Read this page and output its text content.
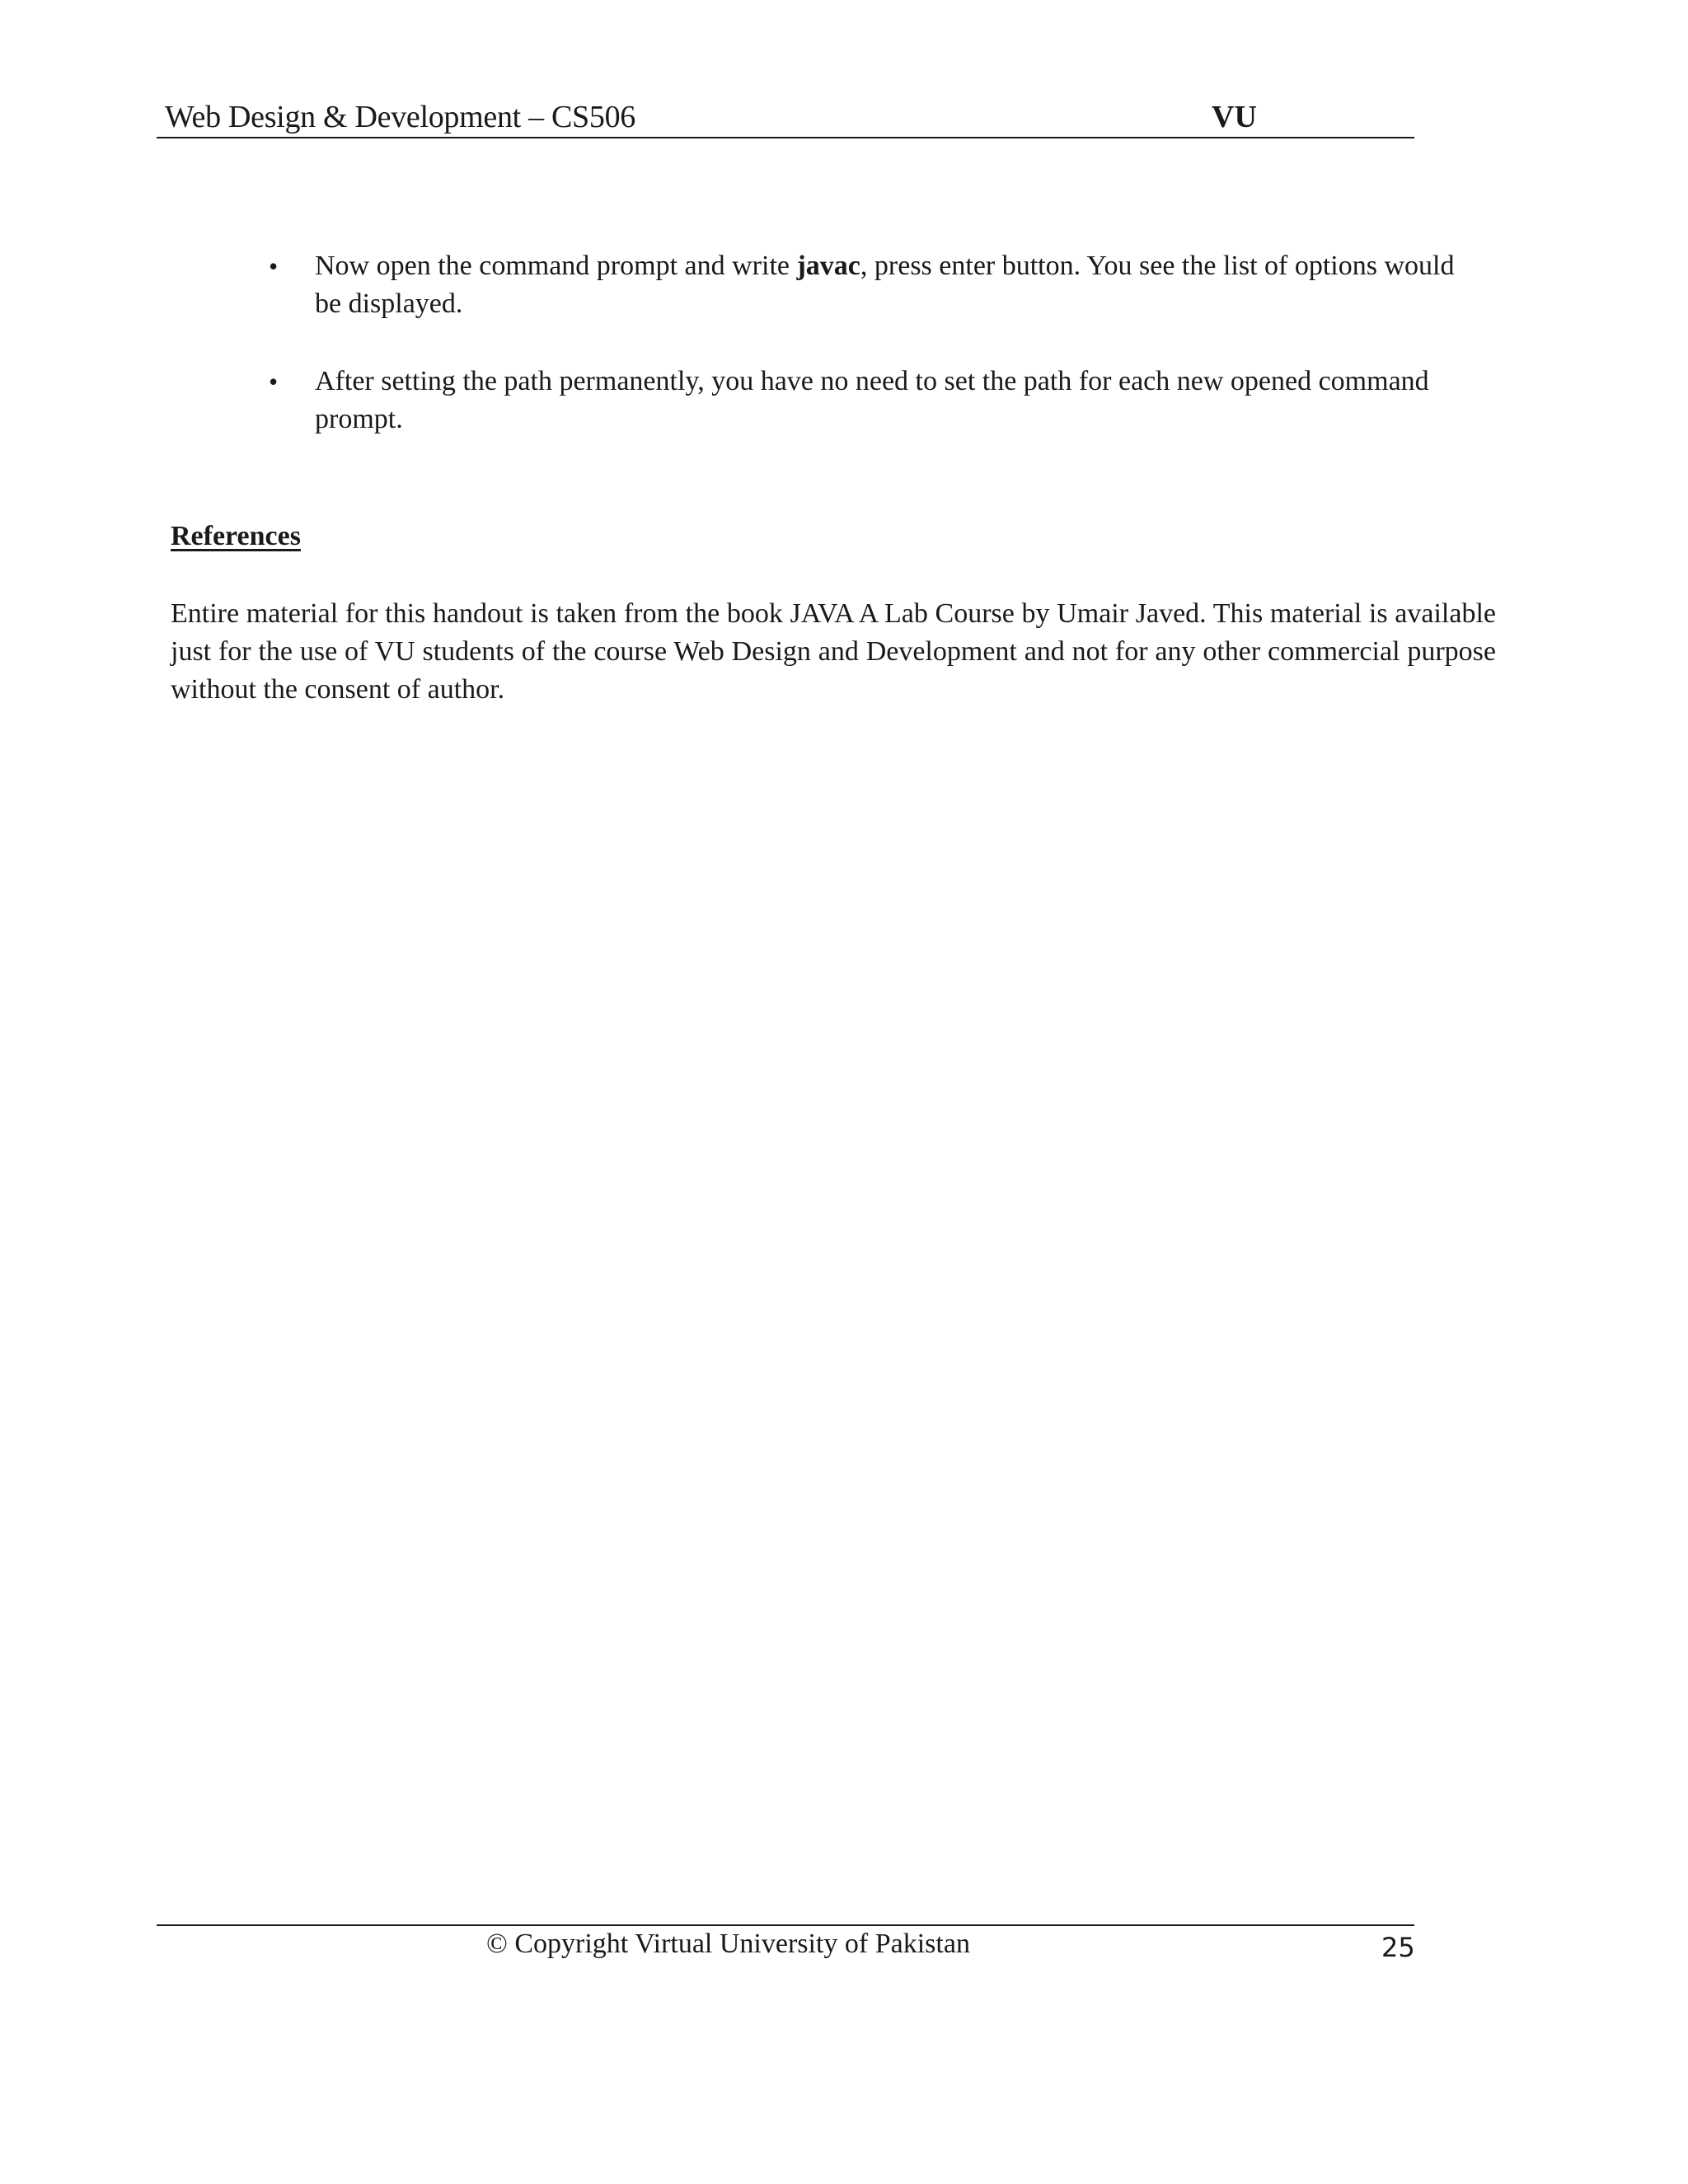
Web Design & Development – CS506	VU
• Now open the command prompt and write javac, press enter button. You see the list of options would be displayed.
• After setting the path permanently, you have no need to set the path for each new opened command prompt.
References

Entire material for this handout is taken from the book JAVA A Lab Course by Umair Javed. This material is available just for the use of VU students of the course Web Design and Development and not for any other commercial purpose without the consent of author.

© Copyright Virtual University of Pakistan	25
